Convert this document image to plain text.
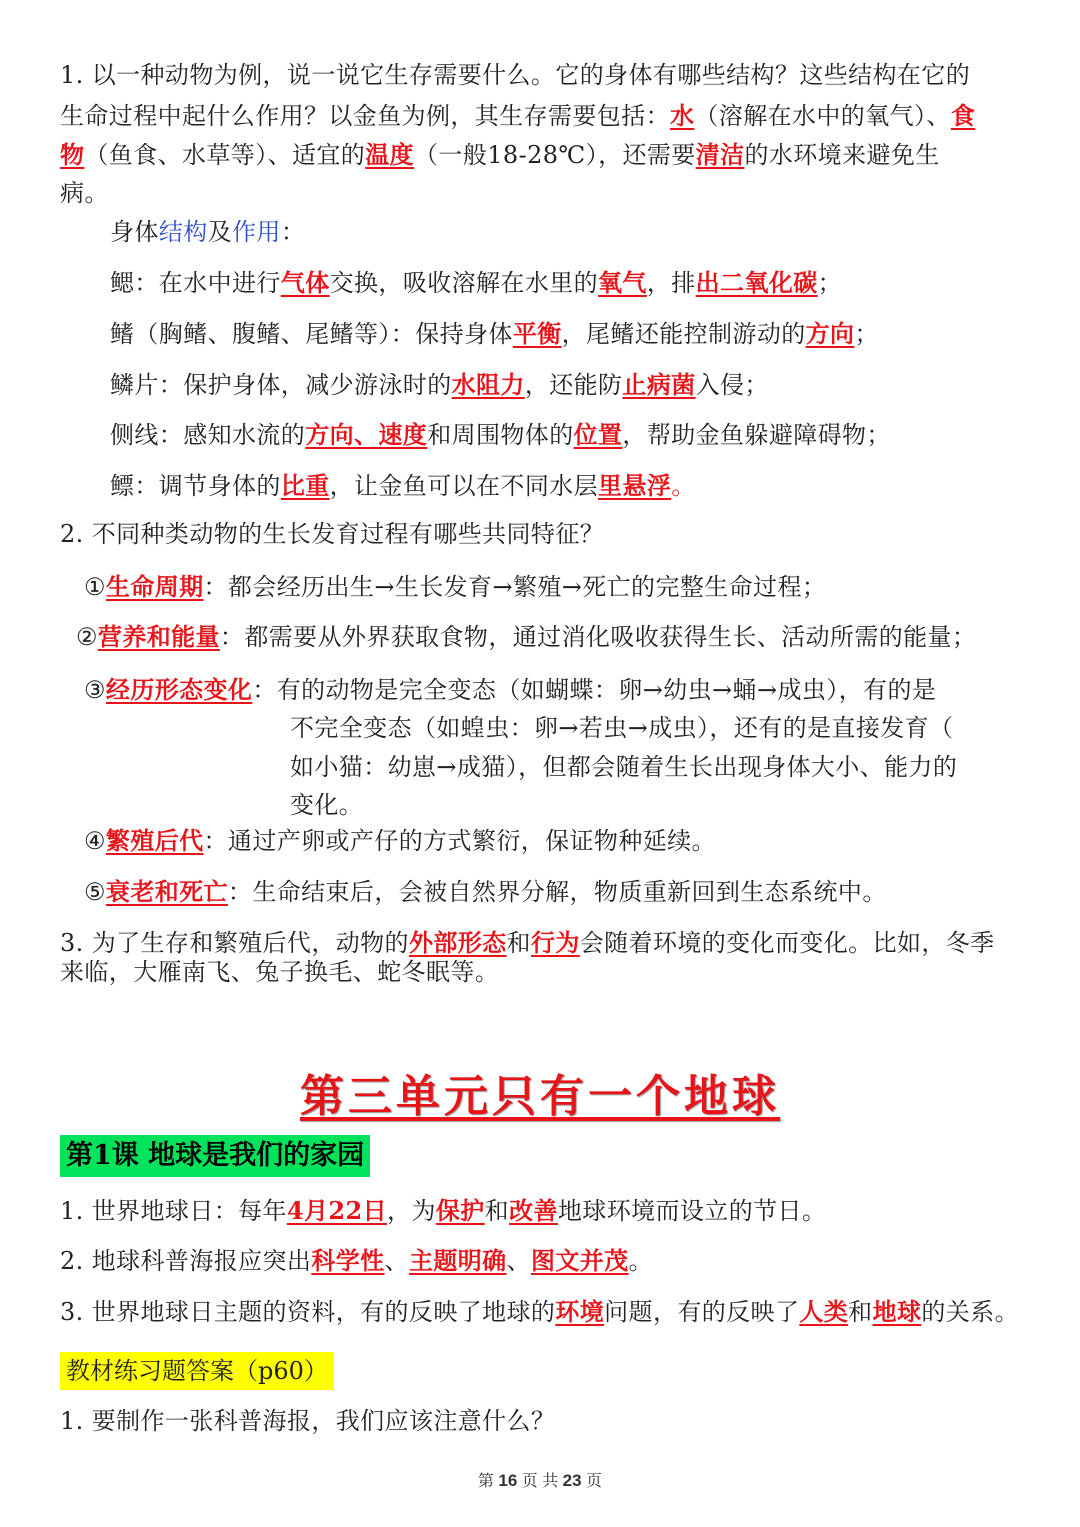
1. 以一种动物为例，说一说它生存需要什么。它的身体有哪些结构？这些结构在它的
生命过程中起什么作用？以金鱼为例，其生存需要包括：水（溶解在水中的氧气）、食
物（鱼食、水草等）、适宜的温度（一般18-28℃），还需要清洁的水环境来避免生
病。
身体结构及作用：
鳃：在水中进行气体交换，吸收溶解在水里的氧气，排出二氧化碳；
鳍（胸鳍、腹鳍、尾鳍等）：保持身体平衡，尾鳍还能控制游动的方向；
鳞片：保护身体，减少游泳时的水阻力，还能防止病菌入侵；
侧线：感知水流的方向、速度和周围物体的位置，帮助金鱼躲避障碍物；
鳔：调节身体的比重，让金鱼可以在不同水层里悬浮。
2. 不同种类动物的生长发育过程有哪些共同特征？
①生命周期：都会经历出生→生长发育→繁殖→死亡的完整生命过程；
②营养和能量：都需要从外界获取食物，通过消化吸收获得生长、活动所需的能量；
③经历形态变化：有的动物是完全变态（如蝴蝶：卵→幼虫→蛹→成虫），有的是
不完全变态（如蝗虫：卵→若虫→成虫），还有的是直接发育（
如小猫：幼崽→成猫），但都会随着生长出现身体大小、能力的
变化。
④繁殖后代：通过产卵或产仔的方式繁衍，保证物种延续。
⑤衰老和死亡：生命结束后，会被自然界分解，物质重新回到生态系统中。
3. 为了生存和繁殖后代，动物的外部形态和行为会随着环境的变化而变化。比如，冬季
来临，大雁南飞、兔子换毛、蛇冬眠等。
第三单元只有一个地球
第1课 地球是我们的家园
1. 世界地球日：每年4月22日，为保护和改善地球环境而设立的节日。
2. 地球科普海报应突出科学性、主题明确、图文并茂。
3. 世界地球日主题的资料，有的反映了地球的环境问题，有的反映了人类和地球的关系。
教材练习题答案（p60）
1. 要制作一张科普海报，我们应该注意什么？
第 16 页 共 23 页
